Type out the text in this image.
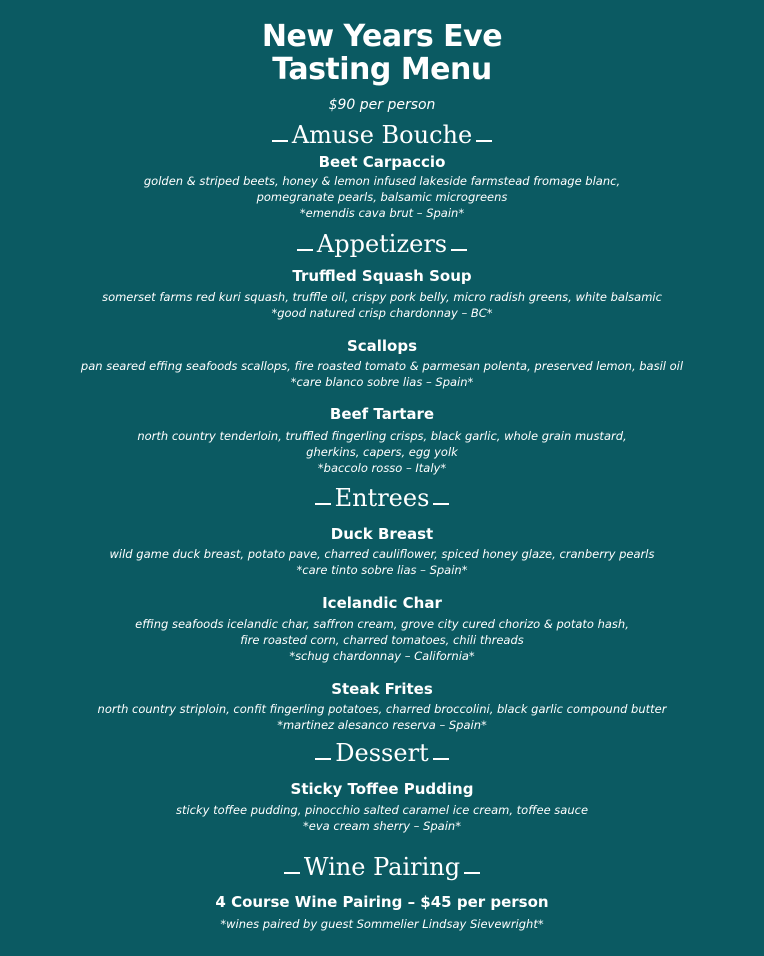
New Years Eve
Tasting Menu
$90 per person
Amuse Bouche
Beet Carpaccio
golden & striped beets, honey & lemon infused lakeside farmstead fromage blanc,
pomegranate pearls, balsamic microgreens
*emendis cava brut – Spain*
Appetizers
Truffled Squash Soup
somerset farms red kuri squash, truffle oil, crispy pork belly, micro radish greens, white balsamic
*good natured crisp chardonnay – BC*
Scallops
pan seared effing seafoods scallops, fire roasted tomato & parmesan polenta, preserved lemon, basil oil
*care blanco sobre lias – Spain*
Beef Tartare
north country tenderloin, truffled fingerling crisps, black garlic, whole grain mustard,
gherkins, capers, egg yolk
*baccolo rosso – Italy*
Entrees
Duck Breast
wild game duck breast, potato pave, charred cauliflower, spiced honey glaze, cranberry pearls
*care tinto sobre lias – Spain*
Icelandic Char
effing seafoods icelandic char, saffron cream, grove city cured chorizo & potato hash,
fire roasted corn, charred tomatoes, chili threads
*schug chardonnay – California*
Steak Frites
north country striploin, confit fingerling potatoes, charred broccolini, black garlic compound butter
*martinez alesanco reserva – Spain*
Dessert
Sticky Toffee Pudding
sticky toffee pudding, pinocchio salted caramel ice cream, toffee sauce
*eva cream sherry – Spain*
Wine Pairing
4 Course Wine Pairing – $45 per person
*wines paired by guest Sommelier Lindsay Sievewright*
